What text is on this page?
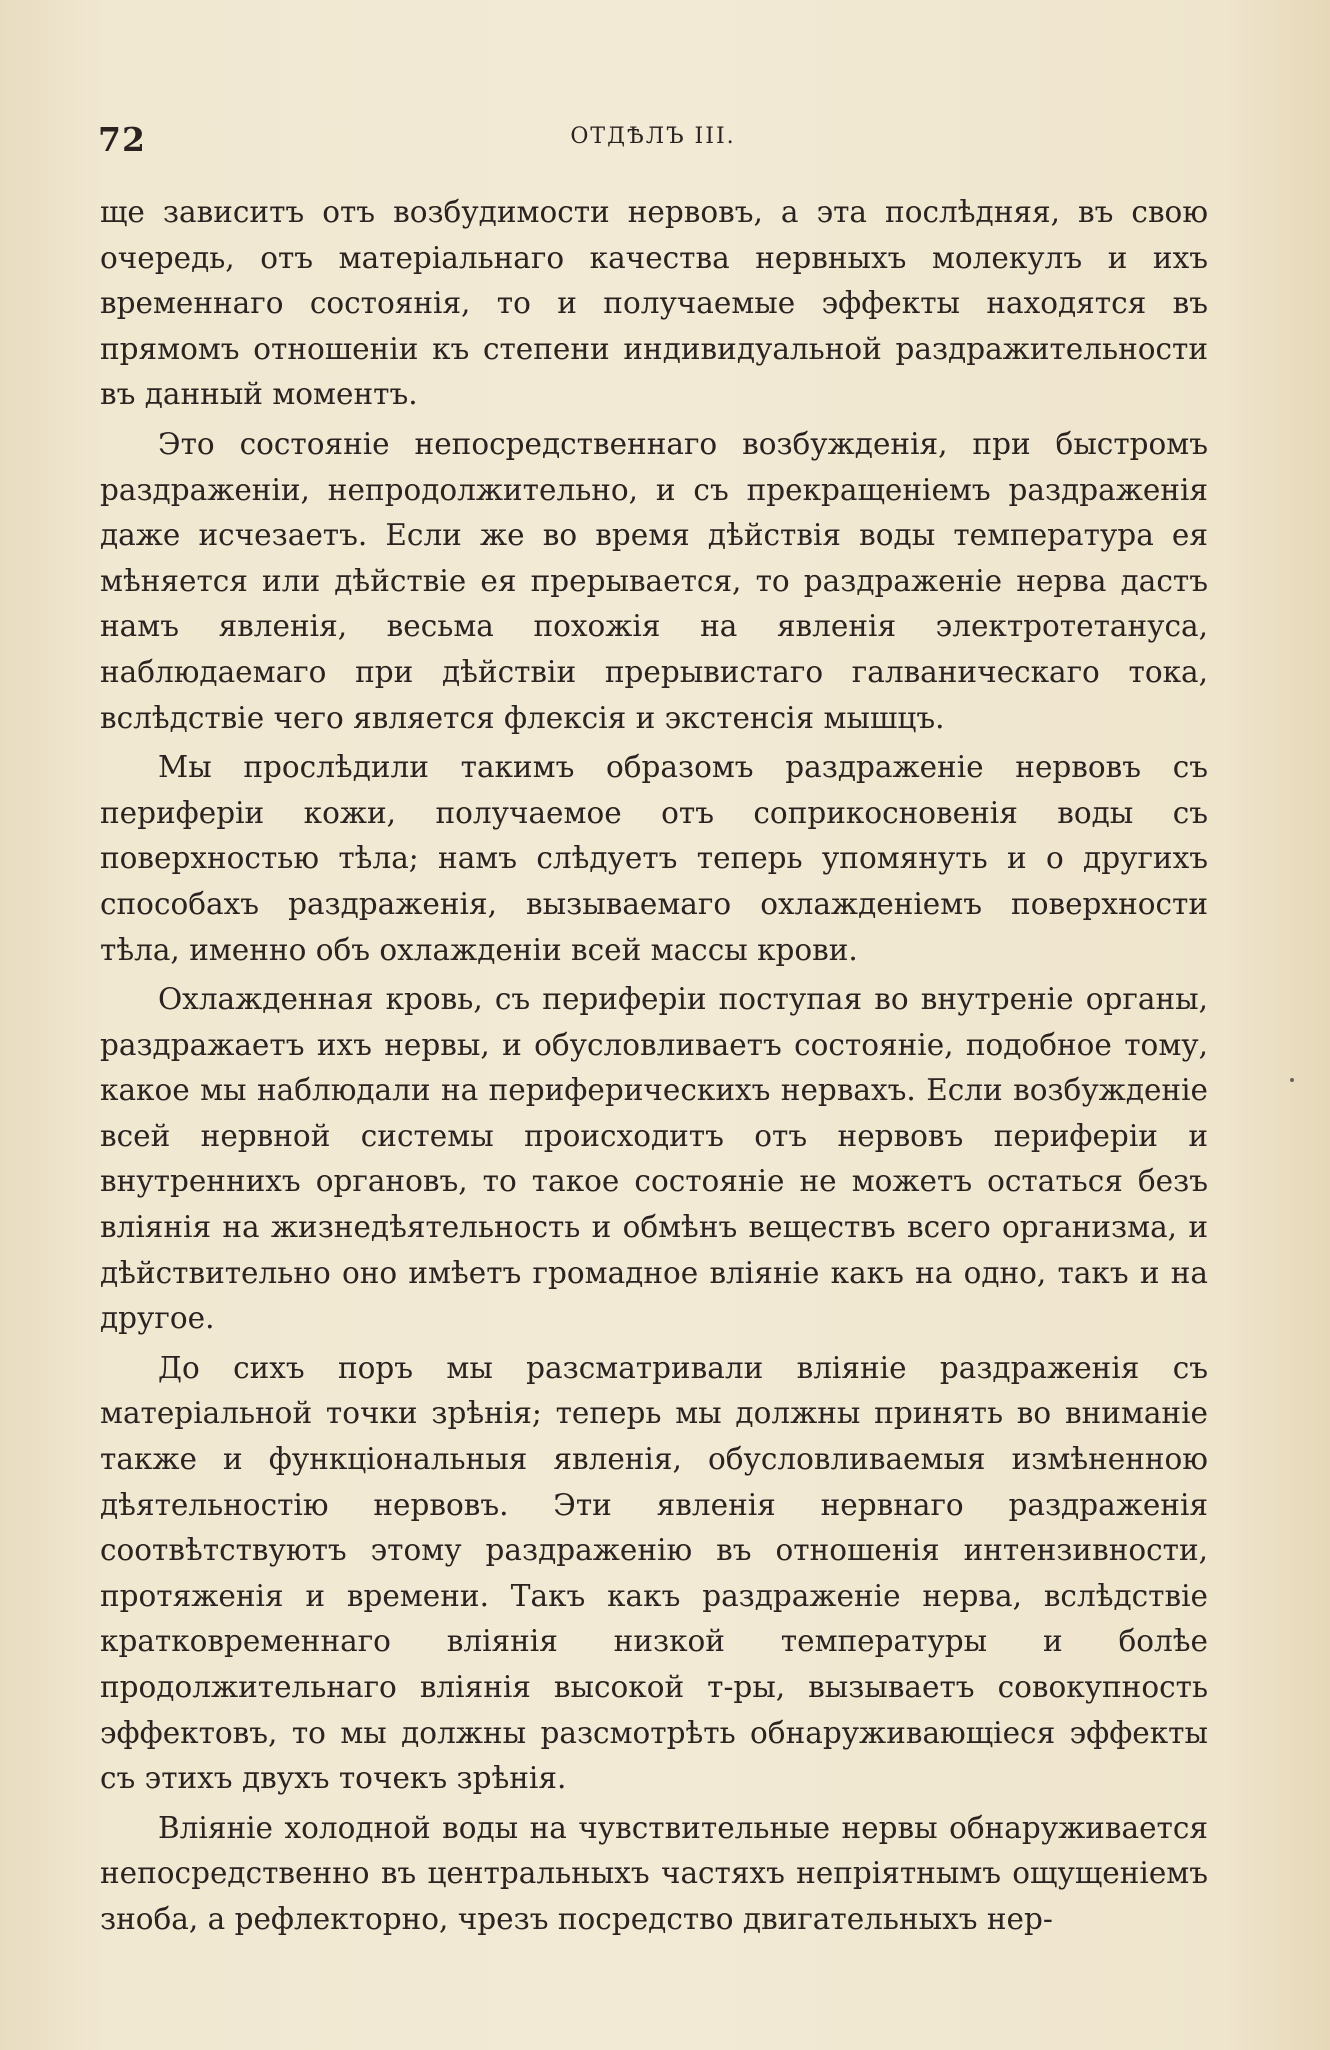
72	ОТДѢЛЪ III.

ще зависитъ отъ возбудимости нервовъ, а эта послѣдняя, въ свою очередь, отъ матеріальнаго качества нервныхъ молекулъ и ихъ временнаго состоянія, то и получаемые эффекты находятся въ прямомъ отношеніи къ степени индивидуальной раздражительности въ данный моментъ.

Это состояніе непосредственнаго возбужденія, при быстромъ раздраженіи, непродолжительно, и съ прекращеніемъ раздраженія даже исчезаетъ. Если же во время дѣйствія воды температура ея мѣняется или дѣйствіе ея прерывается, то раздраженіе нерва дастъ намъ явленія, весьма похожія на явленія электротетануса, наблюдаемаго при дѣйствіи прерывистаго галваническаго тока, вслѣдствіе чего является флексія и экстенсія мышцъ.

Мы прослѣдили такимъ образомъ раздраженіе нервовъ съ периферіи кожи, получаемое отъ соприкосновенія воды съ поверхностью тѣла; намъ слѣдуетъ теперь упомянуть и о другихъ способахъ раздраженія, вызываемаго охлажденіемъ поверхности тѣла, именно объ охлажденіи всей массы крови.

Охлажденная кровь, съ периферіи поступая во внутреніе органы, раздражаетъ ихъ нервы, и обусловливаетъ состояніе, подобное тому, какое мы наблюдали на периферическихъ нервахъ. Если возбужденіе всей нервной системы происходитъ отъ нервовъ периферіи и внутреннихъ органовъ, то такое состояніе не можетъ остаться безъ вліянія на жизнедѣятельность и обмѣнъ веществъ всего организма, и дѣйствительно оно имѣетъ громадное вліяніе какъ на одно, такъ и на другое.

До сихъ поръ мы разсматривали вліяніе раздраженія съ матеріальной точки зрѣнія; теперь мы должны принять во вниманіе также и функціональныя явленія, обусловливаемыя измѣненною дѣятельностію нервовъ. Эти явленія нервнаго раздраженія соотвѣтствуютъ этому раздраженію въ отношенія интензивности, протяженія и времени. Такъ какъ раздраженіе нерва, вслѣдствіе кратковременнаго вліянія низкой температуры и болѣе продолжительнаго вліянія высокой т-ры, вызываетъ совокупность эффектовъ, то мы должны разсмотрѣть обнаруживающіеся эффекты съ этихъ двухъ точекъ зрѣнія.

Вліяніе холодной воды на чувствительные нервы обнаруживается непосредственно въ центральныхъ частяхъ непріятнымъ ощущеніемъ зноба, а рефлекторно, чрезъ посредство двигательныхъ нер-
